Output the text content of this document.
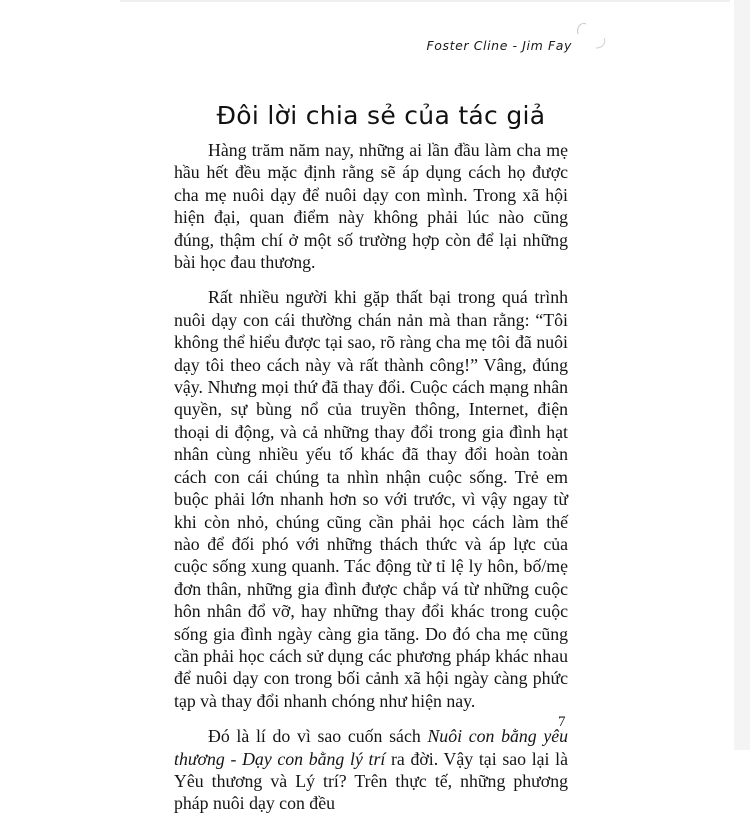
Foster Cline - Jim Fay
Đôi lời chia sẻ của tác giả

Hàng trăm năm nay, những ai lần đầu làm cha mẹ hầu hết đều mặc định rằng sẽ áp dụng cách họ được cha mẹ nuôi dạy để nuôi dạy con mình. Trong xã hội hiện đại, quan điểm này không phải lúc nào cũng đúng, thậm chí ở một số trường hợp còn để lại những bài học đau thương.

Rất nhiều người khi gặp thất bại trong quá trình nuôi dạy con cái thường chán nản mà than rằng: “Tôi không thể hiểu được tại sao, rõ ràng cha mẹ tôi đã nuôi dạy tôi theo cách này và rất thành công!” Vâng, đúng vậy. Nhưng mọi thứ đã thay đổi. Cuộc cách mạng nhân quyền, sự bùng nổ của truyền thông, Internet, điện thoại di động, và cả những thay đổi trong gia đình hạt nhân cùng nhiều yếu tố khác đã thay đổi hoàn toàn cách con cái chúng ta nhìn nhận cuộc sống. Trẻ em buộc phải lớn nhanh hơn so với trước, vì vậy ngay từ khi còn nhỏ, chúng cũng cần phải học cách làm thế nào để đối phó với những thách thức và áp lực của cuộc sống xung quanh. Tác động từ tỉ lệ ly hôn, bố/mẹ đơn thân, những gia đình được chắp vá từ những cuộc hôn nhân đổ vỡ, hay những thay đổi khác trong cuộc sống gia đình ngày càng gia tăng. Do đó cha mẹ cũng cần phải học cách sử dụng các phương pháp khác nhau để nuôi dạy con trong bối cảnh xã hội ngày càng phức tạp và thay đổi nhanh chóng như hiện nay.

Đó là lí do vì sao cuốn sách Nuôi con bằng yêu thương - Dạy con bằng lý trí ra đời. Vậy tại sao lại là Yêu thương và Lý trí? Trên thực tế, những phương pháp nuôi dạy con đều

7
